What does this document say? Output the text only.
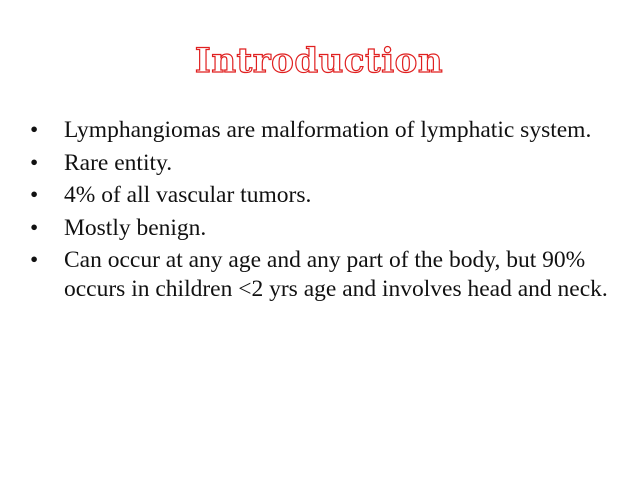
Introduction
•	Lymphangiomas are malformation of lymphatic system.
•	Rare entity.
•	4% of all vascular tumors.
•	Mostly benign.
•	Can occur at any age and any part of the body, but 90% occurs in children <2 yrs age and involves head and neck.
